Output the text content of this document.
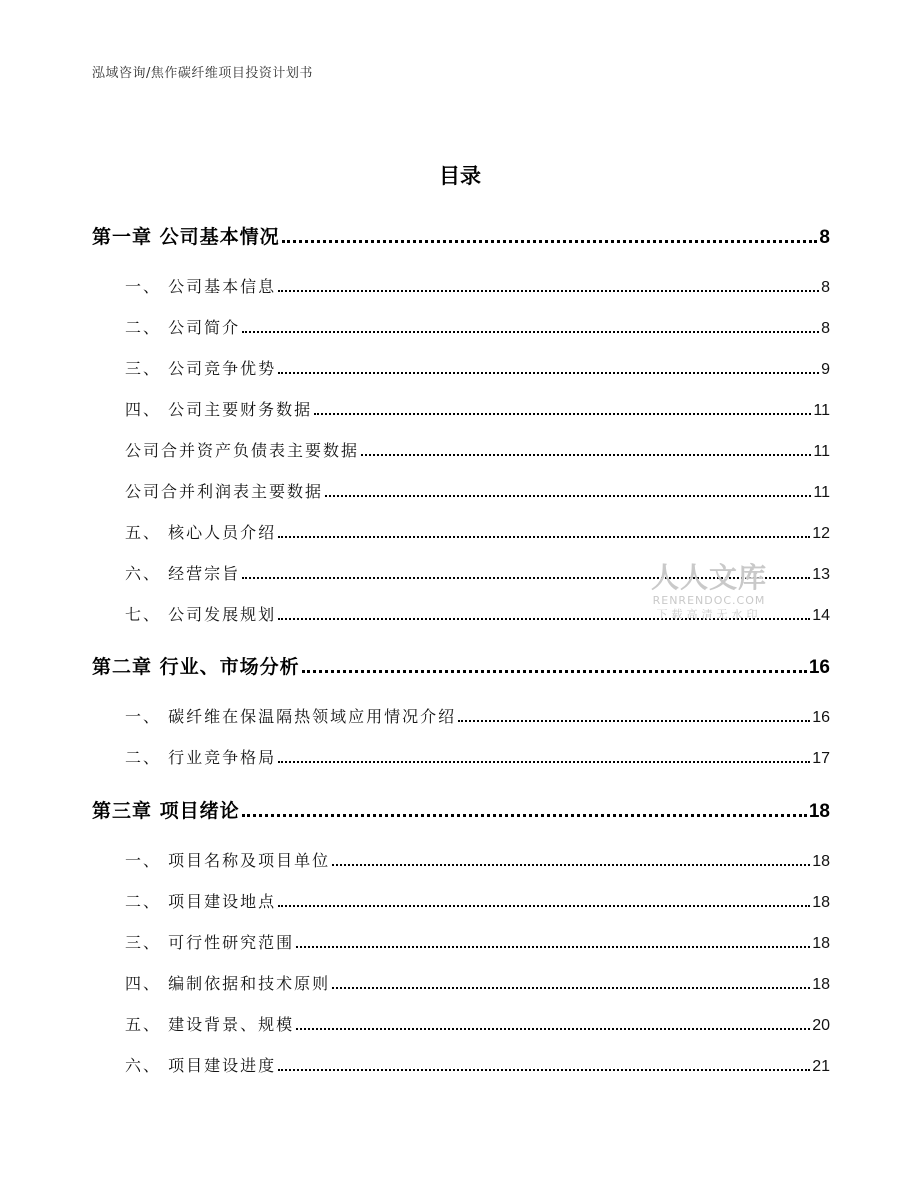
泓域咨询/焦作碳纤维项目投资计划书
目录
第一章 公司基本情况	8
一、 公司基本信息	8
二、 公司简介	8
三、 公司竞争优势	9
四、 公司主要财务数据	11
公司合并资产负债表主要数据	11
公司合并利润表主要数据	11
五、 核心人员介绍	12
六、 经营宗旨	13
七、 公司发展规划	14
第二章 行业、市场分析	16
一、 碳纤维在保温隔热领域应用情况介绍	16
二、 行业竞争格局	17
第三章 项目绪论	18
一、 项目名称及项目单位	18
二、 项目建设地点	18
三、 可行性研究范围	18
四、 编制依据和技术原则	18
五、 建设背景、规模	20
六、 项目建设进度	21
人人文库
RENRENDOC.COM
下载高清无水印
